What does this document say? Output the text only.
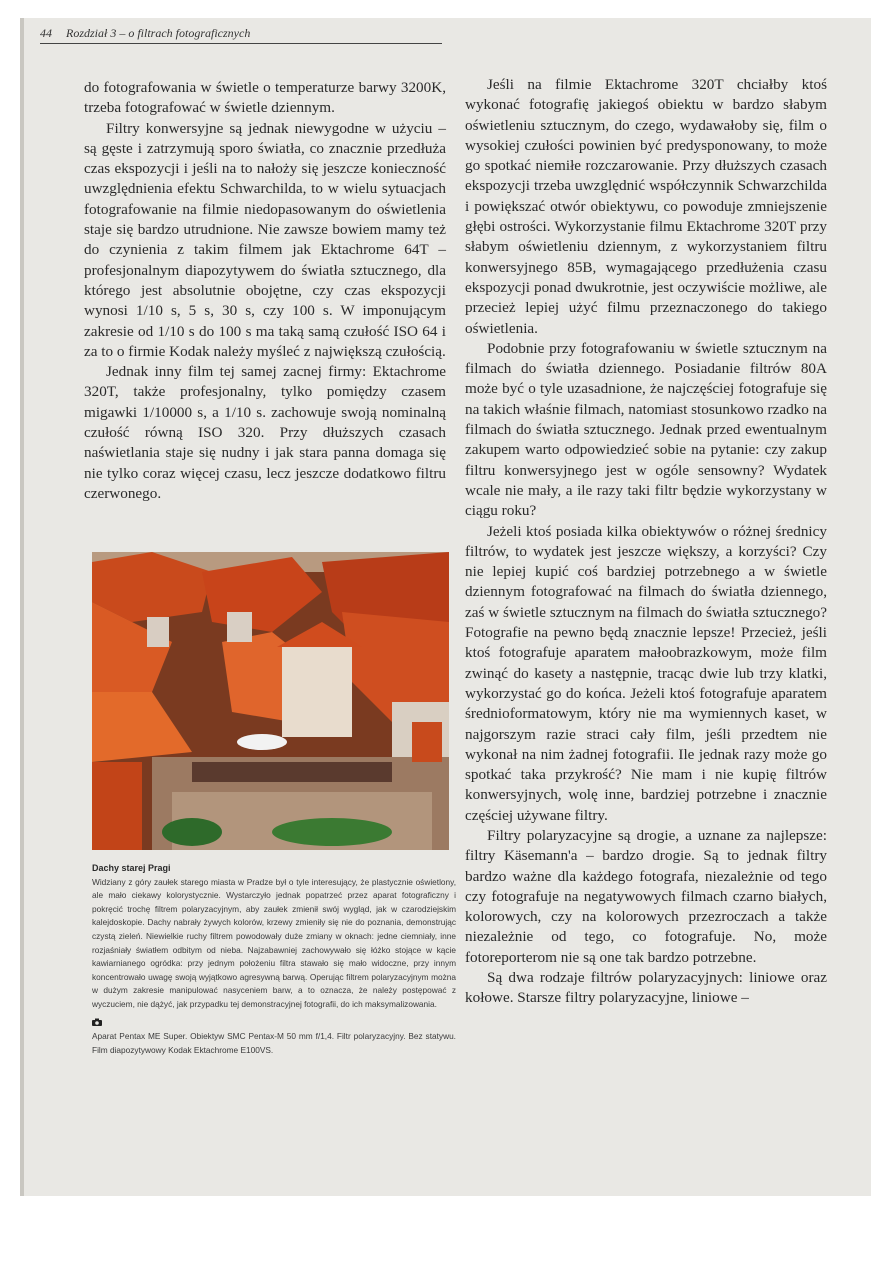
44 Rozdział 3 – o filtrach fotograficznych

do fotografowania w świetle o temperaturze barwy 3200K, trzeba fotografować w świetle dziennym.

Filtry konwersyjne są jednak niewygodne w użyciu – są gęste i zatrzymują sporo światła, co znacznie przedłuża czas ekspozycji i jeśli na to nałoży się jeszcze konieczność uwzględnienia efektu Schwarchilda, to w wielu sytuacjach fotografowanie na filmie niedopasowanym do oświetlenia staje się bardzo utrudnione. Nie zawsze bowiem mamy też do czynienia z takim filmem jak Ektachrome 64T – profesjonalnym diapozytywem do światła sztucznego, dla którego jest absolutnie obojętne, czy czas ekspozycji wynosi 1/10 s, 5 s, 30 s, czy 100 s. W imponującym zakresie od 1/10 s do 100 s ma taką samą czułość ISO 64 i za to o firmie Kodak należy myśleć z największą czułością.

Jednak inny film tej samej zacnej firmy: Ektachrome 320T, także profesjonalny, tylko pomiędzy czasem migawki 1/10000 s, a 1/10 s. zachowuje swoją nominalną czułość równą ISO 320. Przy dłuższych czasach naświetlania staje się nudny i jak stara panna domaga się nie tylko coraz więcej czasu, lecz jeszcze dodatkowo filtru czerwonego.

Dachy starej Pragi
Widziany z góry zaułek starego miasta w Pradze był o tyle interesujący, że plastycznie oświetlony, ale mało ciekawy kolorystycznie. Wystarczyło jednak popatrzeć przez aparat fotograficzny i pokręcić trochę filtrem polaryzacyjnym, aby zaułek zmienił swój wygląd, jak w czarodziejskim kalejdoskopie. Dachy nabrały żywych kolorów, krzewy zmieniły się nie do poznania, demonstrując czystą zieleń. Niewielkie ruchy filtrem powodowały duże zmiany w oknach: jedne ciemniały, inne rozjaśniały światłem odbitym od nieba. Najzabawniej zachowywało się łóżko stojące w kącie kawiarnianego ogródka: przy jednym położeniu filtra stawało się mało widoczne, przy innym koncentrowało uwagę swoją wyjątkowo agresywną barwą. Operując filtrem polaryzacyjnym można w dużym zakresie manipulować nasyceniem barw, a to oznacza, że należy postępować z wyczuciem, nie dążyć, jak przypadku tej demonstracyjnej fotografii, do ich maksymalizowania.
Aparat Pentax ME Super. Obiektyw SMC Pentax-M 50 mm f/1,4. Filtr polaryzacyjny. Bez statywu. Film diapozytywowy Kodak Ektachrome E100VS.

Jeśli na filmie Ektachrome 320T chciałby ktoś wykonać fotografię jakiegoś obiektu w bardzo słabym oświetleniu sztucznym, do czego, wydawałoby się, film o wysokiej czułości powinien być predysponowany, to może go spotkać niemiłe rozczarowanie. Przy dłuższych czasach ekspozycji trzeba uwzględnić współczynnik Schwarzchilda i powiększać otwór obiektywu, co powoduje zmniejszenie głębi ostrości. Wykorzystanie filmu Ektachrome 320T przy słabym oświetleniu dziennym, z wykorzystaniem filtru konwersyjnego 85B, wymagającego przedłużenia czasu ekspozycji ponad dwukrotnie, jest oczywiście możliwe, ale przecież lepiej użyć filmu przeznaczonego do takiego oświetlenia.

Podobnie przy fotografowaniu w świetle sztucznym na filmach do światła dziennego. Posiadanie filtrów 80A może być o tyle uzasadnione, że najczęściej fotografuje się na takich właśnie filmach, natomiast stosunkowo rzadko na filmach do światła sztucznego. Jednak przed ewentualnym zakupem warto odpowiedzieć sobie na pytanie: czy zakup filtru konwersyjnego jest w ogóle sensowny? Wydatek wcale nie mały, a ile razy taki filtr będzie wykorzystany w ciągu roku?

Jeżeli ktoś posiada kilka obiektywów o różnej średnicy filtrów, to wydatek jest jeszcze większy, a korzyści? Czy nie lepiej kupić coś bardziej potrzebnego a w świetle dziennym fotografować na filmach do światła dziennego, zaś w świetle sztucznym na filmach do światła sztucznego? Fotografie na pewno będą znacznie lepsze! Przecież, jeśli ktoś fotografuje aparatem małoobrazkowym, może film zwinąć do kasety a następnie, tracąc dwie lub trzy klatki, wykorzystać go do końca. Jeżeli ktoś fotografuje aparatem średnioformatowym, który nie ma wymiennych kaset, w najgorszym razie straci cały film, jeśli przedtem nie wykonał na nim żadnej fotografii. Ile jednak razy może go spotkać taka przykrość? Nie mam i nie kupię filtrów konwersyjnych, wolę inne, bardziej potrzebne i znacznie częściej używane filtry.

Filtry polaryzacyjne są drogie, a uznane za najlepsze: filtry Käsemann'a – bardzo drogie. Są to jednak filtry bardzo ważne dla każdego fotografa, niezależnie od tego czy fotografuje na negatywowych filmach czarno białych, kolorowych, czy na kolorowych przezroczach a także niezależnie od tego, co fotografuje. No, może fotoreporterom nie są one tak bardzo potrzebne.

Są dwa rodzaje filtrów polaryzacyjnych: liniowe oraz kołowe. Starsze filtry polaryzacyjne, liniowe –
